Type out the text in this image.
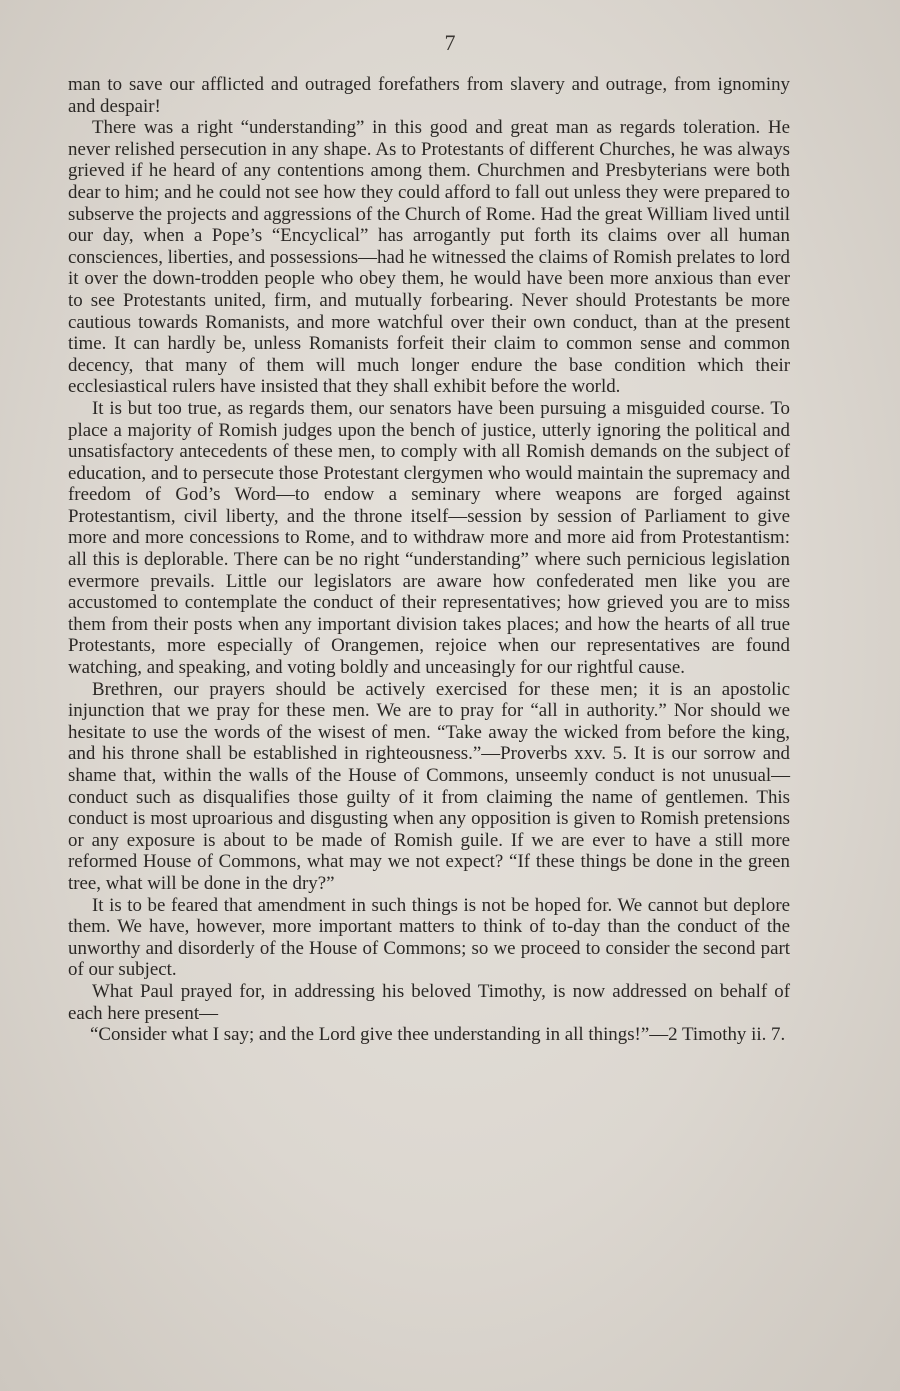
7

man to save our afflicted and outraged forefathers from slavery and outrage, from ignominy and despair!

There was a right “understanding” in this good and great man as regards toleration. He never relished persecution in any shape. As to Protestants of different Churches, he was always grieved if he heard of any contentions among them. Churchmen and Presbyterians were both dear to him; and he could not see how they could afford to fall out unless they were prepared to subserve the projects and aggressions of the Church of Rome. Had the great William lived until our day, when a Pope’s “Encyclical” has arrogantly put forth its claims over all human consciences, liberties, and possessions—had he witnessed the claims of Romish prelates to lord it over the down-trodden people who obey them, he would have been more anxious than ever to see Protestants united, firm, and mutually forbearing. Never should Protestants be more cautious towards Romanists, and more watchful over their own conduct, than at the present time. It can hardly be, unless Romanists forfeit their claim to common sense and common decency, that many of them will much longer endure the base condition which their ecclesiastical rulers have insisted that they shall exhibit before the world.

It is but too true, as regards them, our senators have been pursuing a misguided course. To place a majority of Romish judges upon the bench of justice, utterly ignoring the political and unsatisfactory antecedents of these men, to comply with all Romish demands on the subject of education, and to persecute those Protestant clergymen who would maintain the supremacy and freedom of God’s Word—to endow a seminary where weapons are forged against Protestantism, civil liberty, and the throne itself—session by session of Parliament to give more and more concessions to Rome, and to withdraw more and more aid from Protestantism: all this is deplorable. There can be no right “understanding” where such pernicious legislation evermore prevails. Little our legislators are aware how confederated men like you are accustomed to contemplate the conduct of their representatives; how grieved you are to miss them from their posts when any important division takes places; and how the hearts of all true Protestants, more especially of Orangemen, rejoice when our representatives are found watching, and speaking, and voting boldly and unceasingly for our rightful cause.

Brethren, our prayers should be actively exercised for these men; it is an apostolic injunction that we pray for these men. We are to pray for “all in authority.” Nor should we hesitate to use the words of the wisest of men. “Take away the wicked from before the king, and his throne shall be established in righteousness.”—Proverbs xxv. 5. It is our sorrow and shame that, within the walls of the House of Commons, unseemly conduct is not unusual—conduct such as disqualifies those guilty of it from claiming the name of gentlemen. This conduct is most uproarious and disgusting when any opposition is given to Romish pretensions or any exposure is about to be made of Romish guile. If we are ever to have a still more reformed House of Commons, what may we not expect? “If these things be done in the green tree, what will be done in the dry?”

It is to be feared that amendment in such things is not be hoped for. We cannot but deplore them. We have, however, more important matters to think of to-day than the conduct of the unworthy and disorderly of the House of Commons; so we proceed to consider the second part of our subject.

What Paul prayed for, in addressing his beloved Timothy, is now addressed on behalf of each here present—

“Consider what I say; and the Lord give thee understanding in all things!”—2 Timothy ii. 7.
